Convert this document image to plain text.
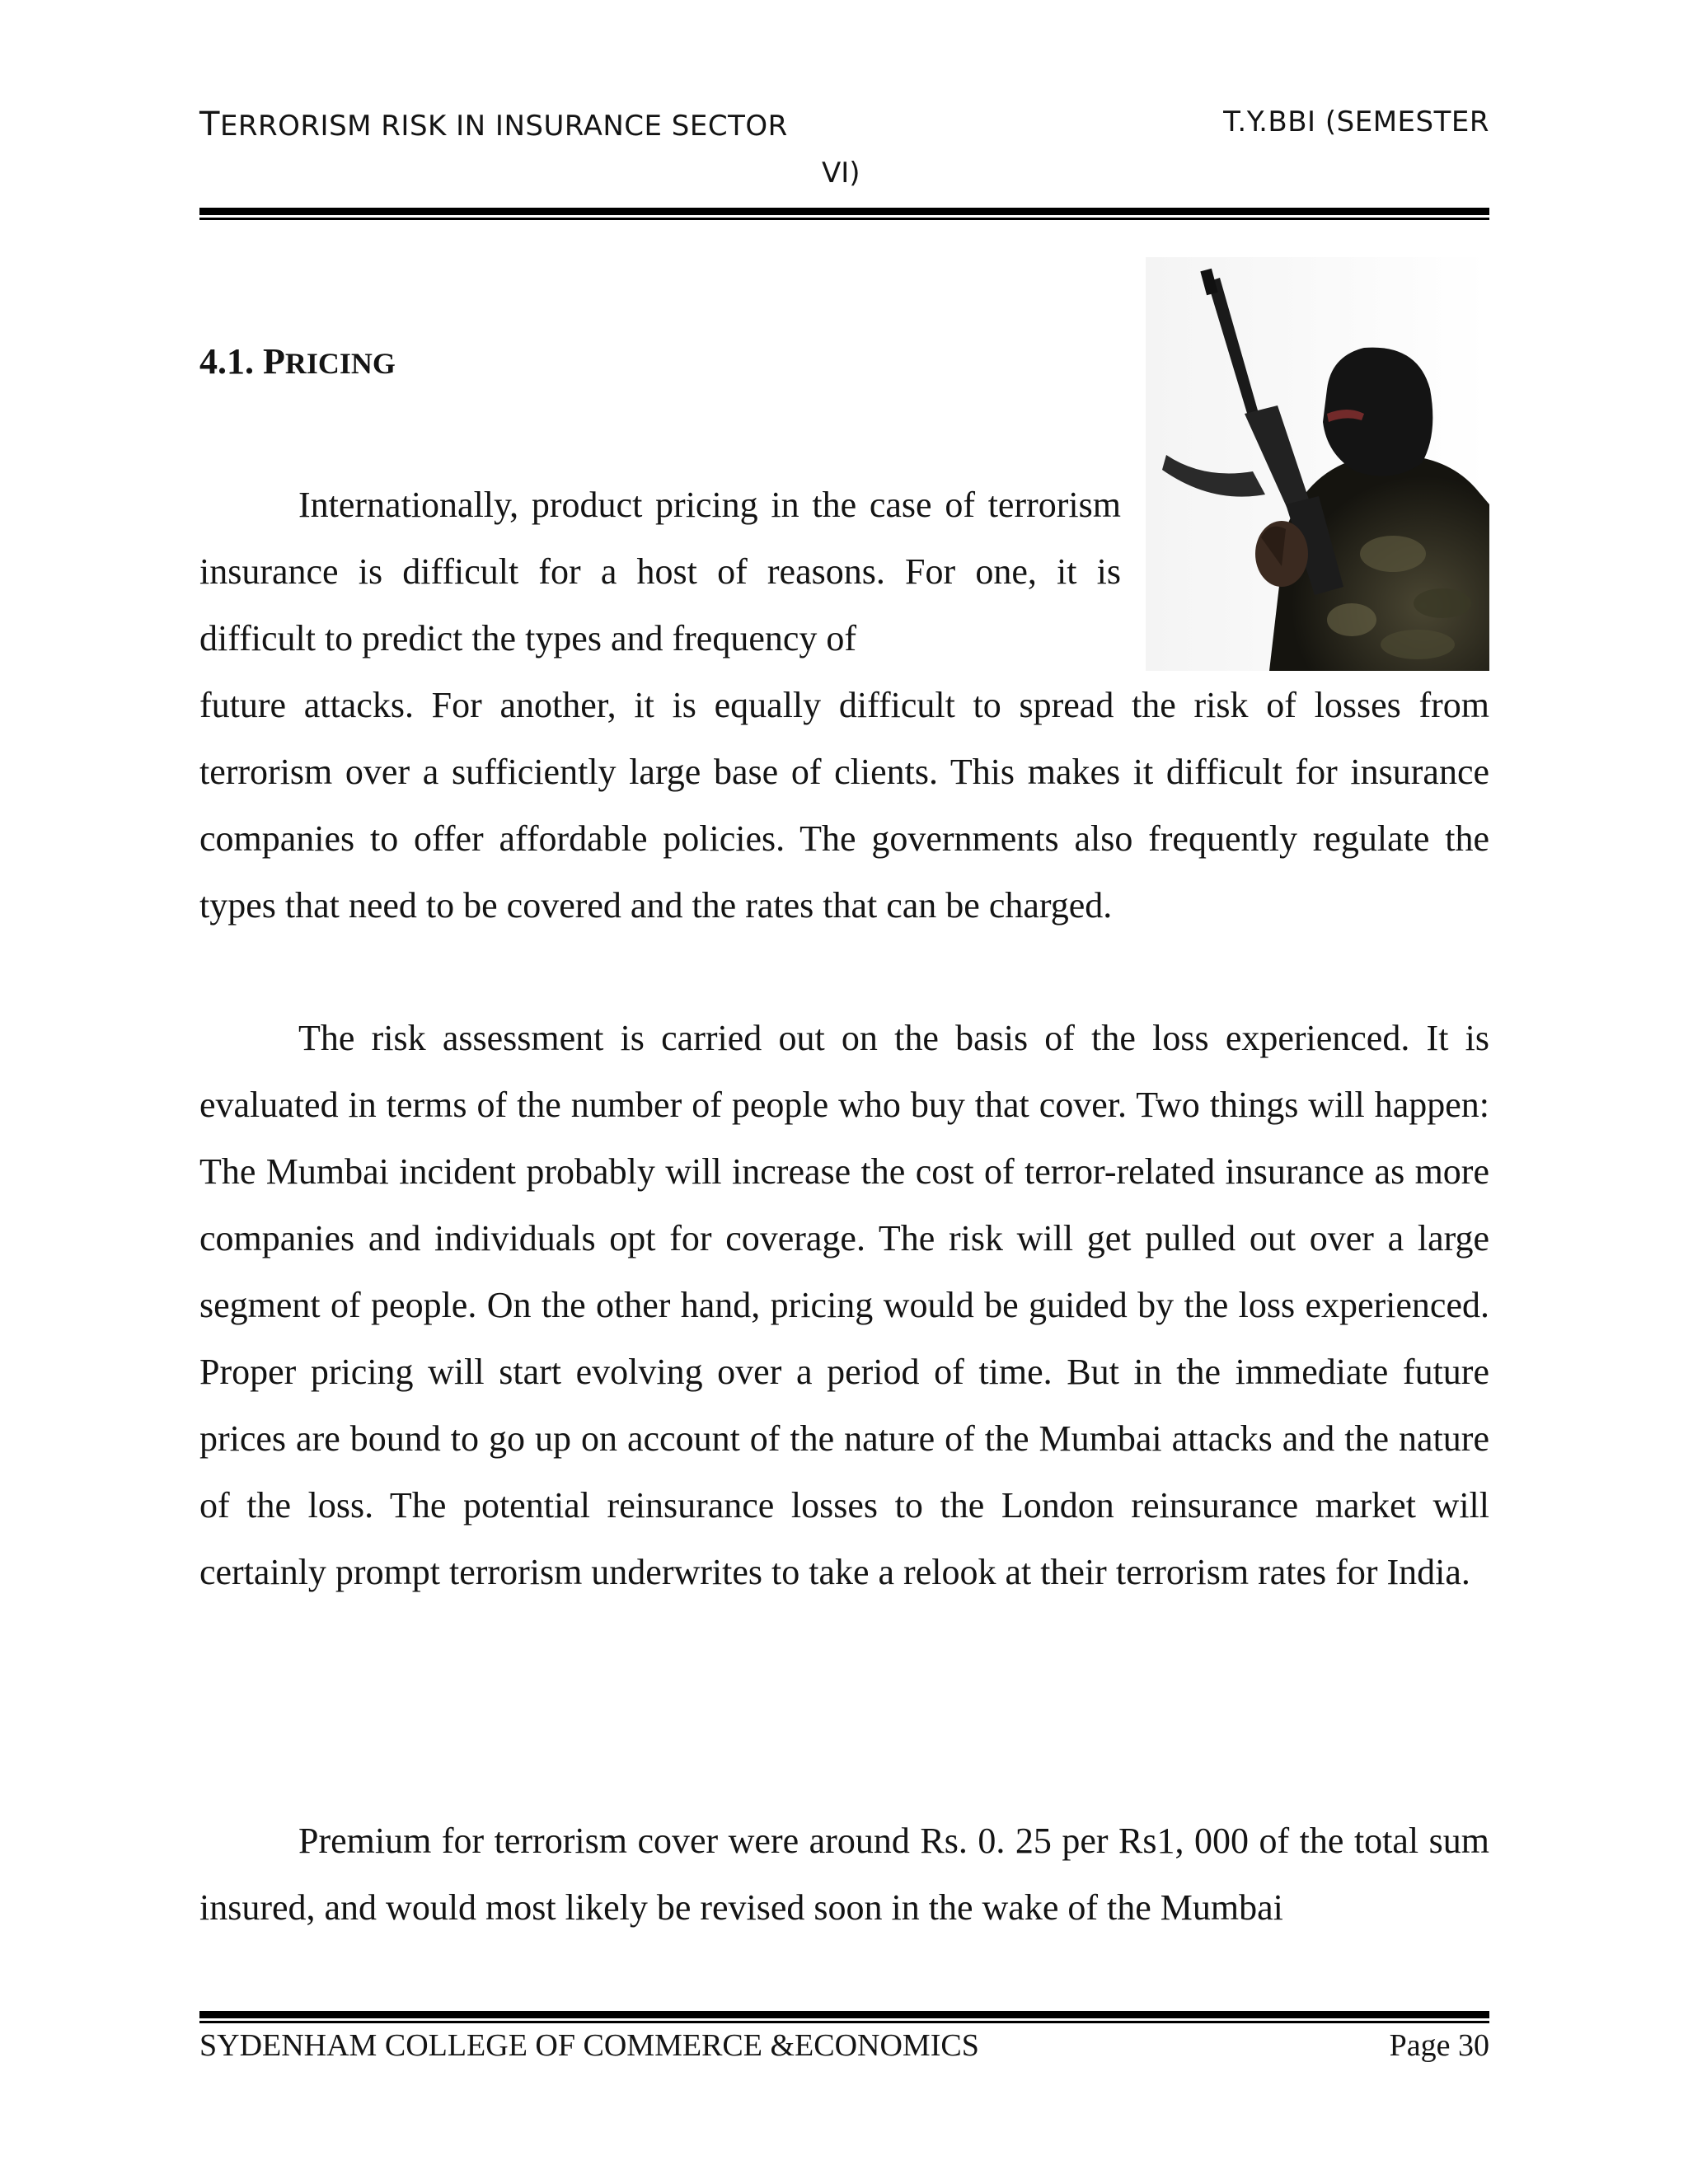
TERRORISM RISK IN INSURANCE SECTOR	T.Y.BBI (SEMESTER
VI)
4.1. PRICING

Internationally, product pricing in the case of terrorism insurance is difficult for a host of reasons. For one, it is difficult to predict the types and frequency of

future attacks. For another, it is equally difficult to spread the risk of losses from terrorism over a sufficiently large base of clients. This makes it difficult for insurance companies to offer affordable policies. The governments also frequently regulate the types that need to be covered and the rates that can be charged.

The risk assessment is carried out on the basis of the loss experienced. It is evaluated in terms of the number of people who buy that cover. Two things will happen: The Mumbai incident probably will increase the cost of terror-related insurance as more companies and individuals opt for coverage. The risk will get pulled out over a large segment of people. On the other hand, pricing would be guided by the loss experienced. Proper pricing will start evolving over a period of time. But in the immediate future prices are bound to go up on account of the nature of the Mumbai attacks and the nature of the loss. The potential reinsurance losses to the London reinsurance market will certainly prompt terrorism underwrites to take a relook at their terrorism rates for India.

Premium for terrorism cover were around Rs. 0. 25 per Rs1, 000 of the total sum insured, and would most likely be revised soon in the wake of the Mumbai

SYDENHAM COLLEGE OF COMMERCE &ECONOMICS	Page 30
